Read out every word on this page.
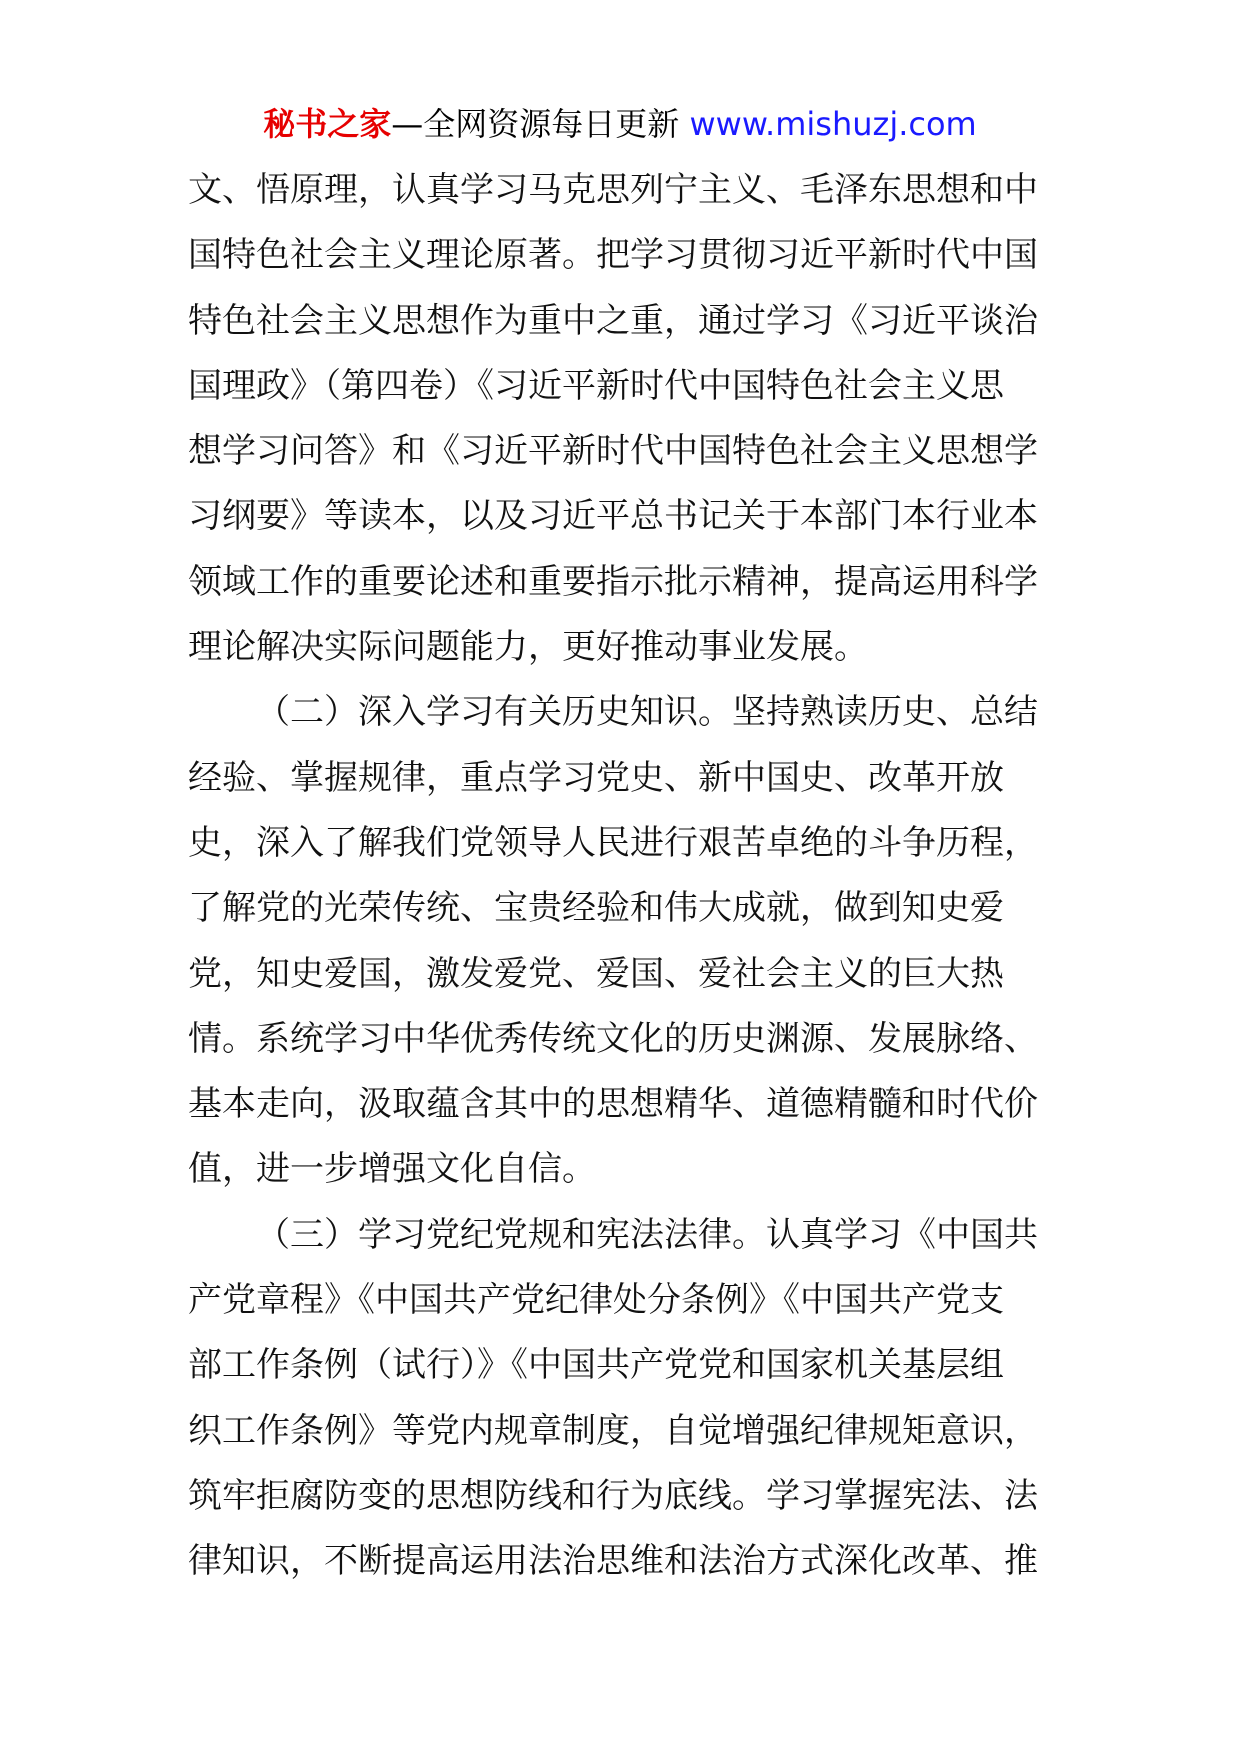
秘书之家—全网资源每日更新 www.mishuzj.com
文、悟原理，认真学习马克思列宁主义、毛泽东思想和中
国特色社会主义理论原著。把学习贯彻习近平新时代中国
特色社会主义思想作为重中之重，通过学习《习近平谈治
国理政》（第四卷）《习近平新时代中国特色社会主义思
想学习问答》和《习近平新时代中国特色社会主义思想学
习纲要》等读本，以及习近平总书记关于本部门本行业本
领域工作的重要论述和重要指示批示精神，提高运用科学
理论解决实际问题能力，更好推动事业发展。
（二）深入学习有关历史知识。坚持熟读历史、总结
经验、掌握规律，重点学习党史、新中国史、改革开放
史，深入了解我们党领导人民进行艰苦卓绝的斗争历程，
了解党的光荣传统、宝贵经验和伟大成就，做到知史爱
党，知史爱国，激发爱党、爱国、爱社会主义的巨大热
情。系统学习中华优秀传统文化的历史渊源、发展脉络、
基本走向，汲取蕴含其中的思想精华、道德精髓和时代价
值，进一步增强文化自信。
（三）学习党纪党规和宪法法律。认真学习《中国共
产党章程》《中国共产党纪律处分条例》《中国共产党支
部工作条例（试行）》《中国共产党党和国家机关基层组
织工作条例》等党内规章制度，自觉增强纪律规矩意识，
筑牢拒腐防变的思想防线和行为底线。学习掌握宪法、法
律知识，不断提高运用法治思维和法治方式深化改革、推
